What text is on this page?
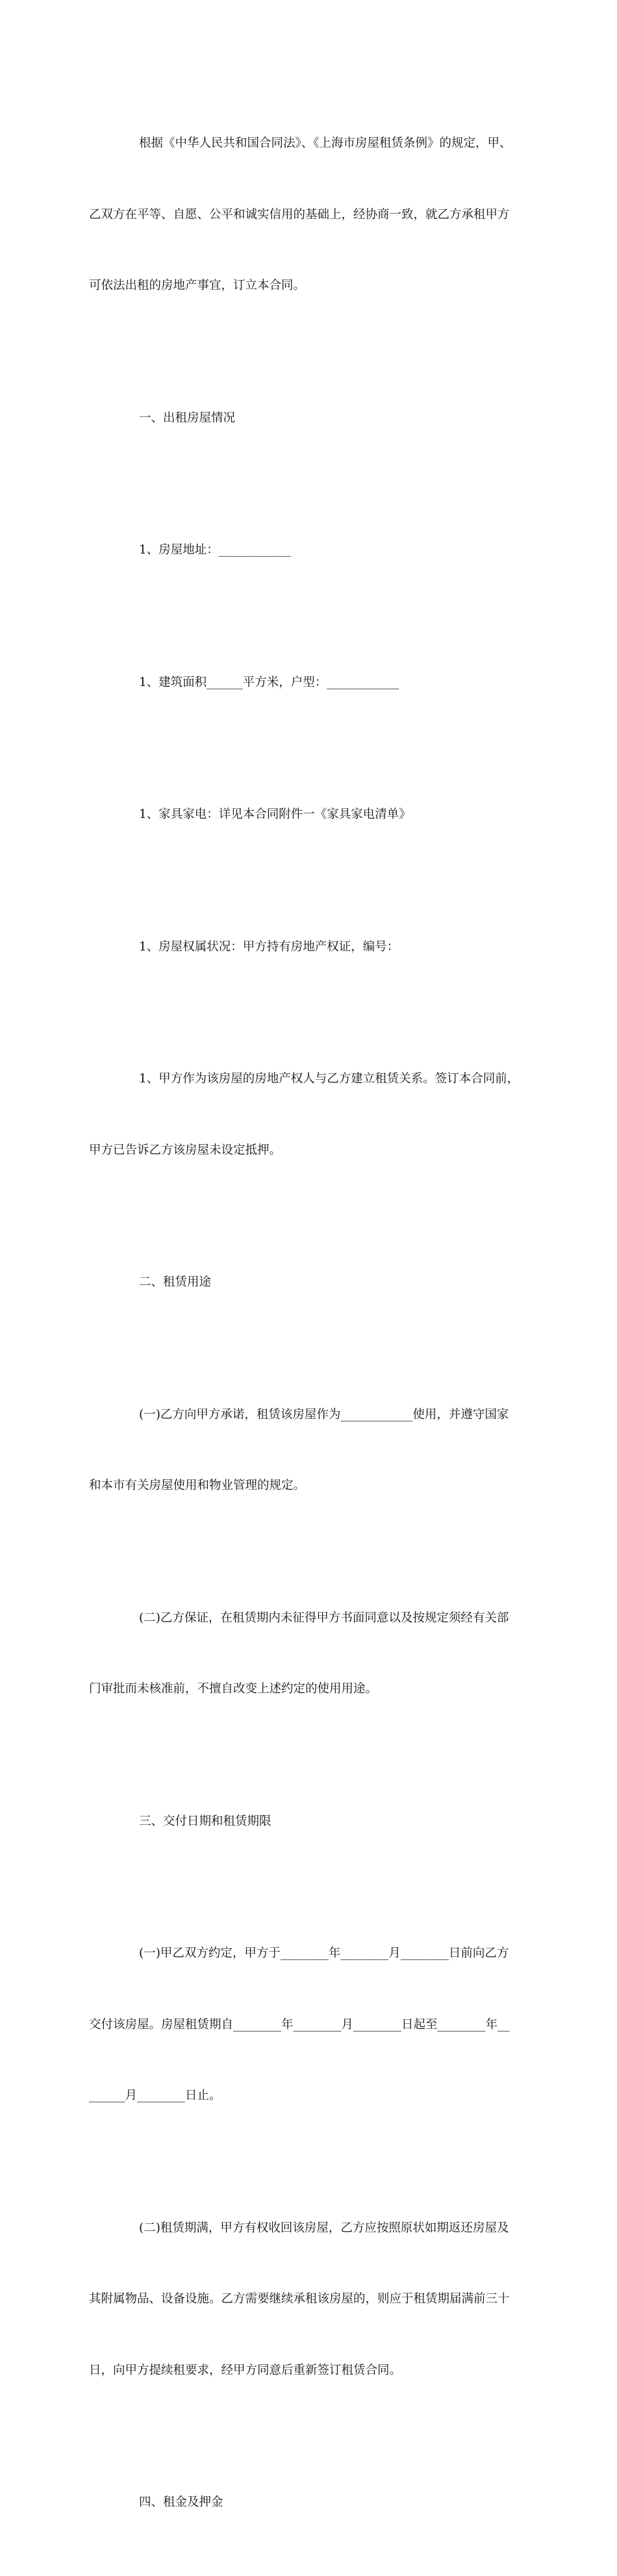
根据《中华人民共和国合同法》、《上海市房屋租赁条例》的规定，甲、

乙双方在平等、自愿、公平和诚实信用的基础上，经协商一致，就乙方承租甲方

可依法出租的房地产事宜，订立本合同。

一、出租房屋情况

1、房屋地址：____________

1、建筑面积______平方米，户型：____________

1、家具家电：详见本合同附件一《家具家电清单》

1、房屋权属状况：甲方持有房地产权证，编号：

1、甲方作为该房屋的房地产权人与乙方建立租赁关系。签订本合同前，

甲方已告诉乙方该房屋未设定抵押。

二、租赁用途

(一)乙方向甲方承诺，租赁该房屋作为____________使用，并遵守国家

和本市有关房屋使用和物业管理的规定。

(二)乙方保证，在租赁期内未征得甲方书面同意以及按规定须经有关部

门审批而未核准前，不擅自改变上述约定的使用用途。

三、交付日期和租赁期限

(一)甲乙双方约定，甲方于________年________月________日前向乙方

交付该房屋。房屋租赁期自________年________月________日起至________年__

______月________日止。

(二)租赁期满，甲方有权收回该房屋，乙方应按照原状如期返还房屋及

其附属物品、设备设施。乙方需要继续承租该房屋的，则应于租赁期届满前三十

日，向甲方提续租要求，经甲方同意后重新签订租赁合同。

四、租金及押金
